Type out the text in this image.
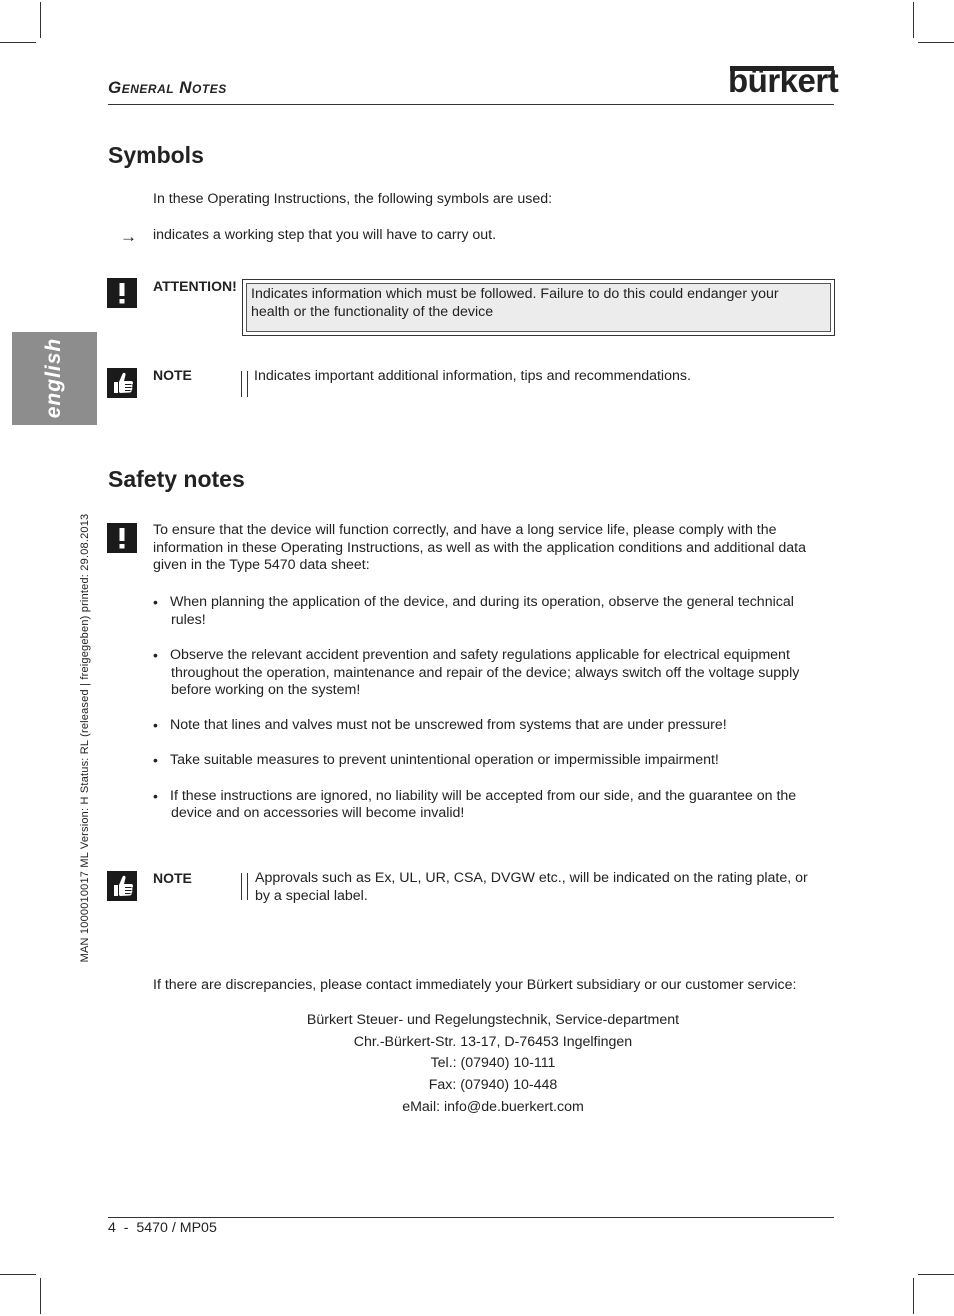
General Notes	bürkert
english
MAN 1000010017 ML Version: H Status: RL (released | freigegeben) printed: 29.08.2013
Symbols
In these Operating Instructions, the following symbols are used:
→ indicates a working step that you will have to carry out.
ATTENTION! Indicates information which must be followed. Failure to do this could endanger your
health or the functionality of the device
NOTE	Indicates important additional information, tips and recommendations.
Safety notes
To ensure that the device will function correctly, and have a long service life, please comply with the
information in these Operating Instructions, as well as with the application conditions and additional data
given in the Type 5470 data sheet:
• When planning the application of the device, and during its operation, observe the general technical
rules!
• Observe the relevant accident prevention and safety regulations applicable for electrical equipment
throughout the operation, maintenance and repair of the device; always switch off the voltage supply
before working on the system!
• Note that lines and valves must not be unscrewed from systems that are under pressure!
• Take suitable measures to prevent unintentional operation or impermissible impairment!
• If these instructions are ignored, no liability will be accepted from our side, and the guarantee on the
device and on accessories will become invalid!
NOTE	Approvals such as Ex, UL, UR, CSA, DVGW etc., will be indicated on the rating plate, or
by a special label.
If there are discrepancies, please contact immediately your Bürkert subsidiary or our customer service:
Bürkert Steuer- und Regelungstechnik, Service-department
Chr.-Bürkert-Str. 13-17, D-76453 Ingelfingen
Tel.: (07940) 10-111
Fax: (07940) 10-448
eMail: info@de.buerkert.com
4  -  5470 / MP05
